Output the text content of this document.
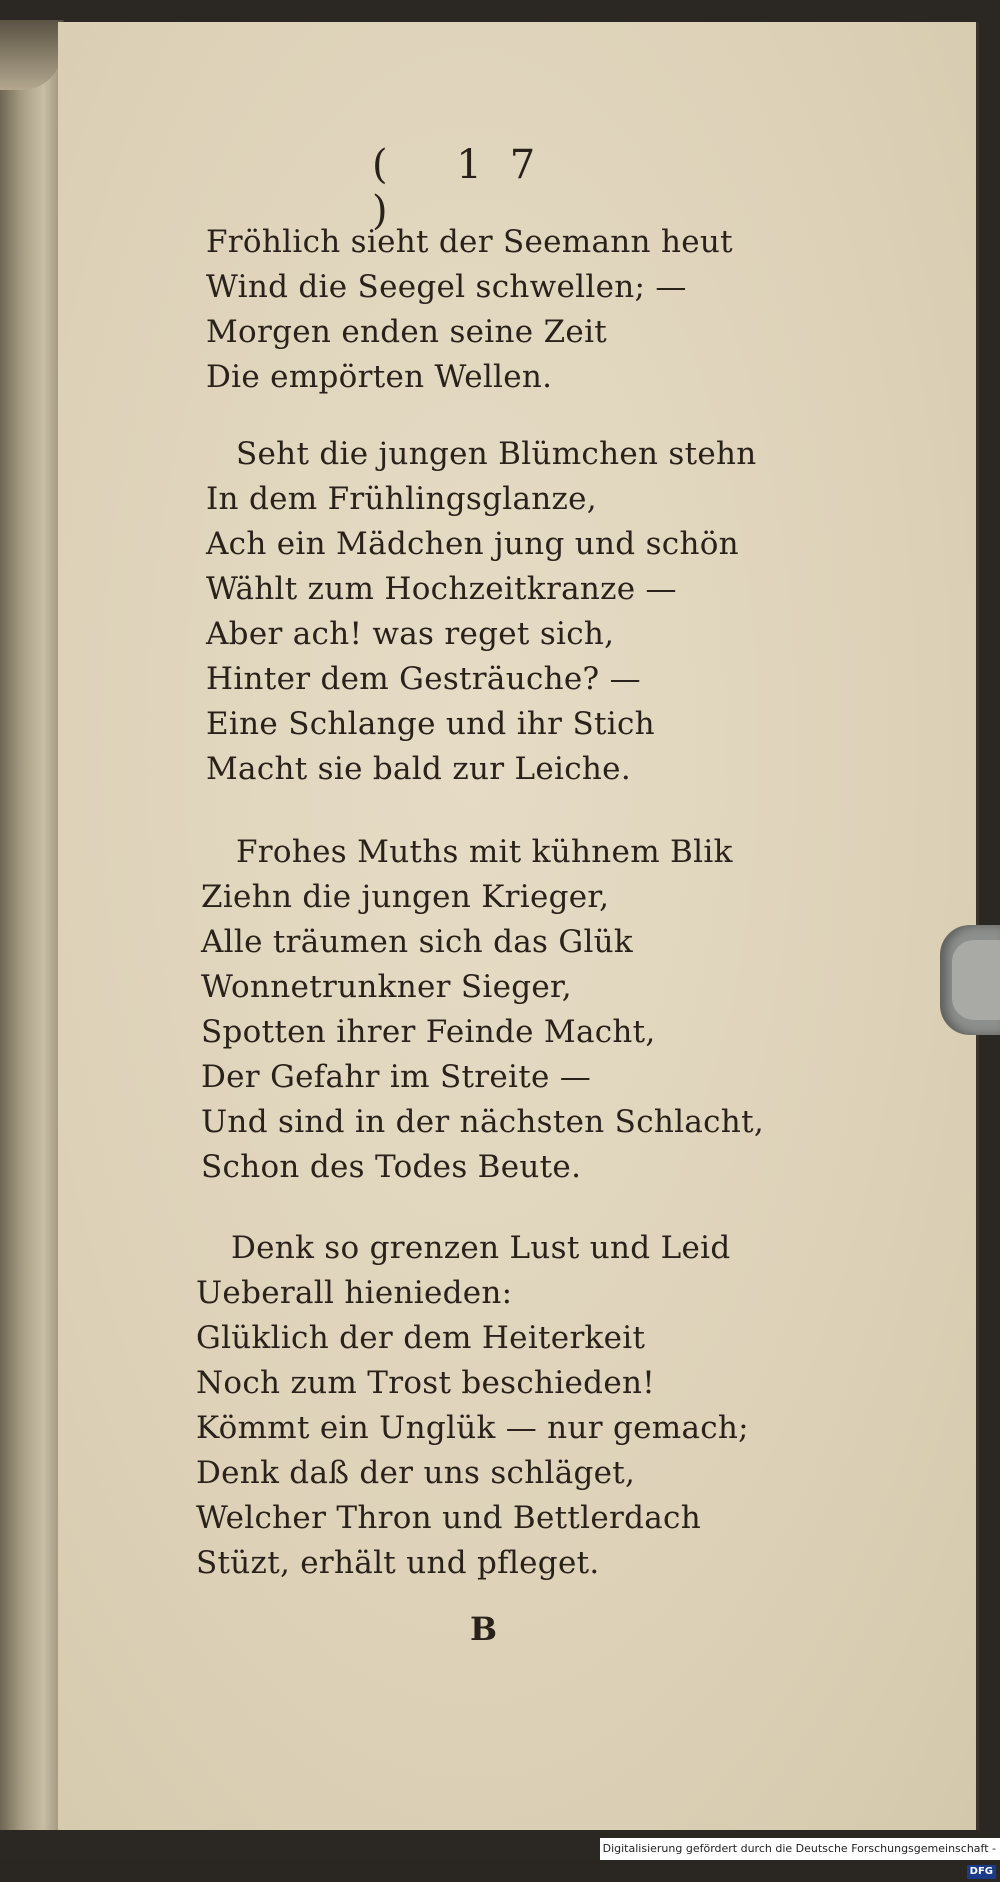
( 17 )
Fröhlich sieht der Seemann heut
Wind die Seegel schwellen; —
Morgen enden seine Zeit
Die empörten Wellen.
Seht die jungen Blümchen stehn
In dem Frühlingsglanze,
Ach ein Mädchen jung und schön
Wählt zum Hochzeitkranze —
Aber ach! was reget sich,
Hinter dem Gesträuche? —
Eine Schlange und ihr Stich
Macht sie bald zur Leiche.
Frohes Muths mit kühnem Blik
Ziehn die jungen Krieger,
Alle träumen sich das Glük
Wonnetrunkner Sieger,
Spotten ihrer Feinde Macht,
Der Gefahr im Streite —
Und sind in der nächsten Schlacht,
Schon des Todes Beute.
Denk so grenzen Lust und Leid
Ueberall hienieden:
Glüklich der dem Heiterkeit
Noch zum Trost beschieden!
Kömmt ein Unglük — nur gemach;
Denk daß der uns schläget,
Welcher Thron und Bettlerdach
Stüzt, erhält und pfleget.
B
Digitalisierung gefördert durch die Deutsche Forschungsgemeinschaft -DFG
